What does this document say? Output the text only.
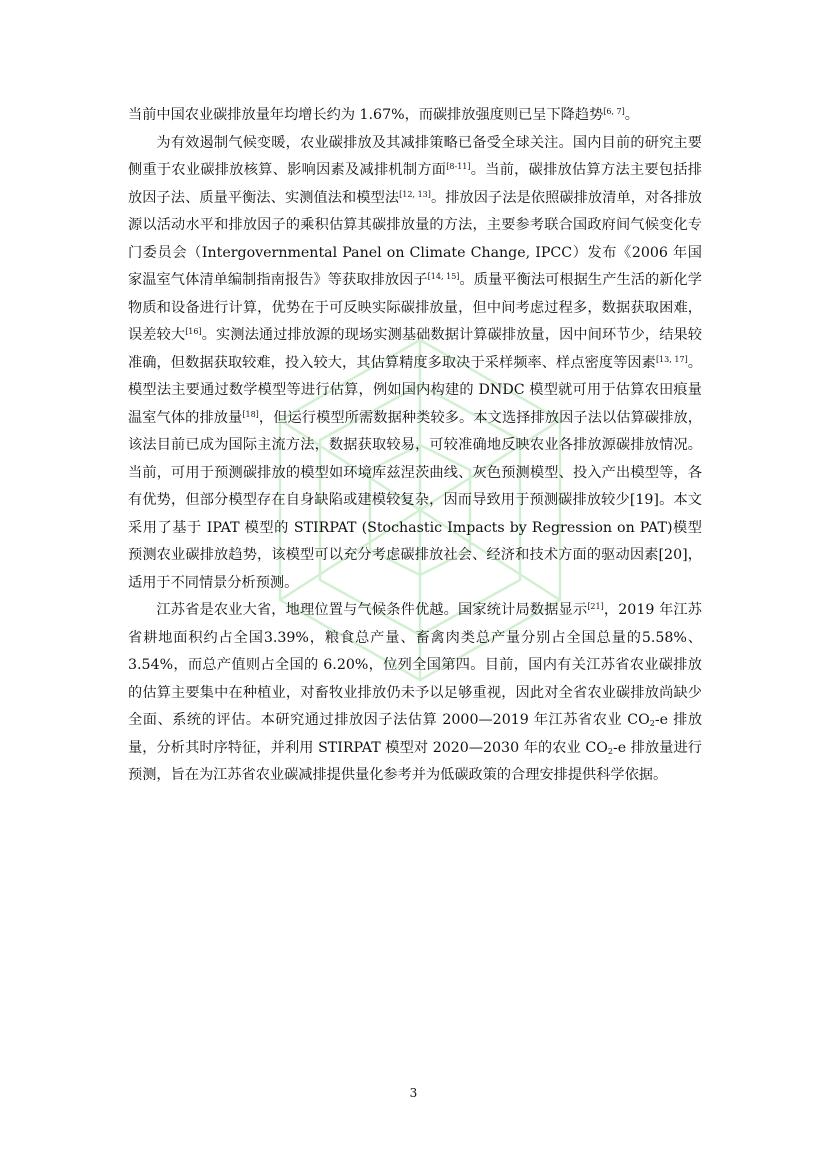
当前中国农业碳排放量年均增长约为 1.67%，而碳排放强度则已呈下降趋势[6, 7]。

为有效遏制气候变暖，农业碳排放及其减排策略已备受全球关注。国内目前的研究主要侧重于农业碳排放核算、影响因素及减排机制方面[8-11]。当前，碳排放估算方法主要包括排放因子法、质量平衡法、实测值法和模型法[12, 13]。排放因子法是依照碳排放清单，对各排放源以活动水平和排放因子的乘积估算其碳排放量的方法，主要参考联合国政府间气候变化专门委员会（Intergovernmental Panel on Climate Change, IPCC）发布《2006 年国家温室气体清单编制指南报告》等获取排放因子[14, 15]。质量平衡法可根据生产生活的新化学物质和设备进行计算，优势在于可反映实际碳排放量，但中间考虑过程多，数据获取困难，误差较大[16]。实测法通过排放源的现场实测基础数据计算碳排放量，因中间环节少，结果较准确，但数据获取较难，投入较大，其估算精度多取决于采样频率、样点密度等因素[13, 17]。模型法主要通过数学模型等进行估算，例如国内构建的 DNDC 模型就可用于估算农田痕量温室气体的排放量[18]，但运行模型所需数据种类较多。本文选择排放因子法以估算碳排放，该法目前已成为国际主流方法，数据获取较易，可较准确地反映农业各排放源碳排放情况。当前，可用于预测碳排放的模型如环境库兹涅茨曲线、灰色预测模型、投入产出模型等，各有优势，但部分模型存在自身缺陷或建模较复杂，因而导致用于预测碳排放较少[19]。本文采用了基于 IPAT 模型的 STIRPAT (Stochastic Impacts by Regression on PAT)模型预测农业碳排放趋势，该模型可以充分考虑碳排放社会、经济和技术方面的驱动因素[20]，适用于不同情景分析预测。

江苏省是农业大省，地理位置与气候条件优越。国家统计局数据显示[21]，2019 年江苏省耕地面积约占全国3.39%，粮食总产量、畜禽肉类总产量分别占全国总量的5.58%、3.54%，而总产值则占全国的 6.20%，位列全国第四。目前，国内有关江苏省农业碳排放的估算主要集中在种植业，对畜牧业排放仍未予以足够重视，因此对全省农业碳排放尚缺少全面、系统的评估。本研究通过排放因子法估算 2000—2019 年江苏省农业 $CO_2-e$ 排放量，分析其时序特征，并利用 STIRPAT 模型对 2020—2030 年的农业 $CO_2-e$ 排放量进行预测，旨在为江苏省农业碳减排提供量化参考并为低碳政策的合理安排提供科学依据。

3
